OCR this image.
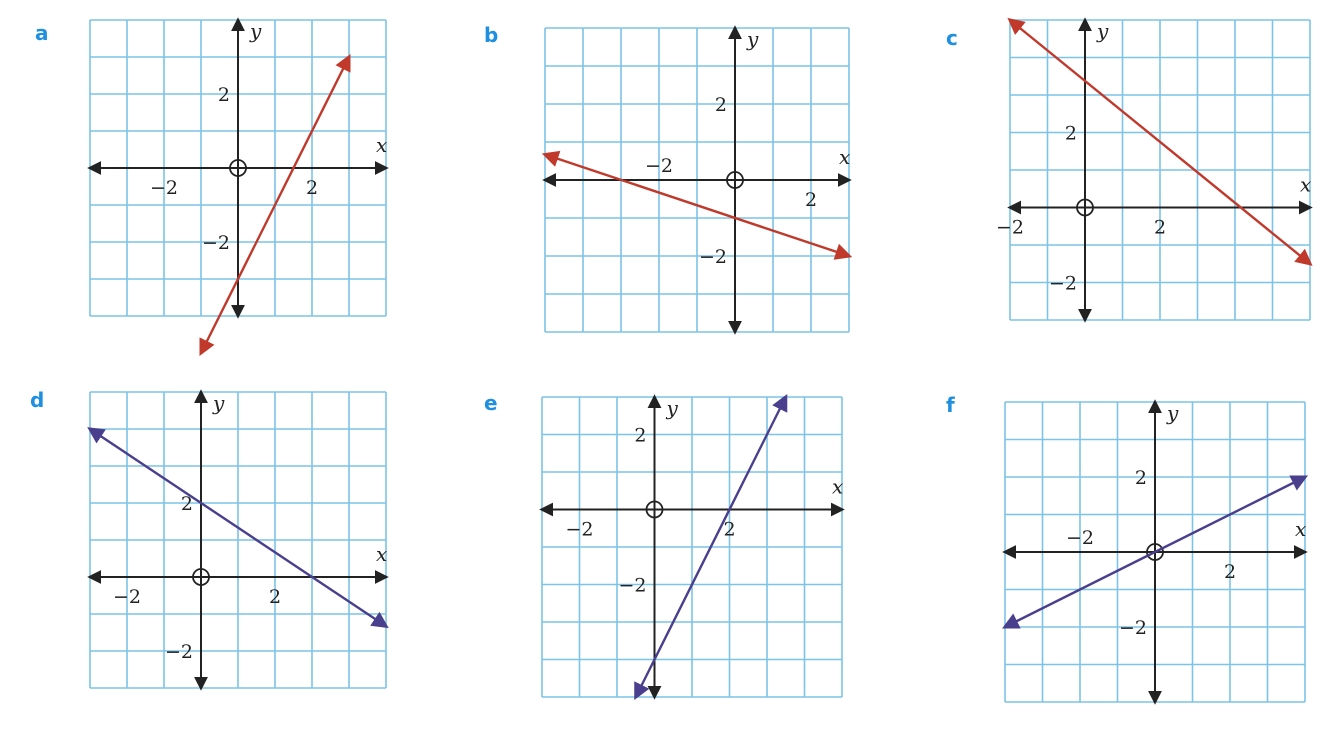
a
x
y
2
−2
2
−2
b
x
y
2
−2
2
−2
c
x
y
2
−2
2
−2
d
x
y
2
−2
2
−2
e
x
y
2
−2
2
−2
f
x
y
2
−2
2
−2
